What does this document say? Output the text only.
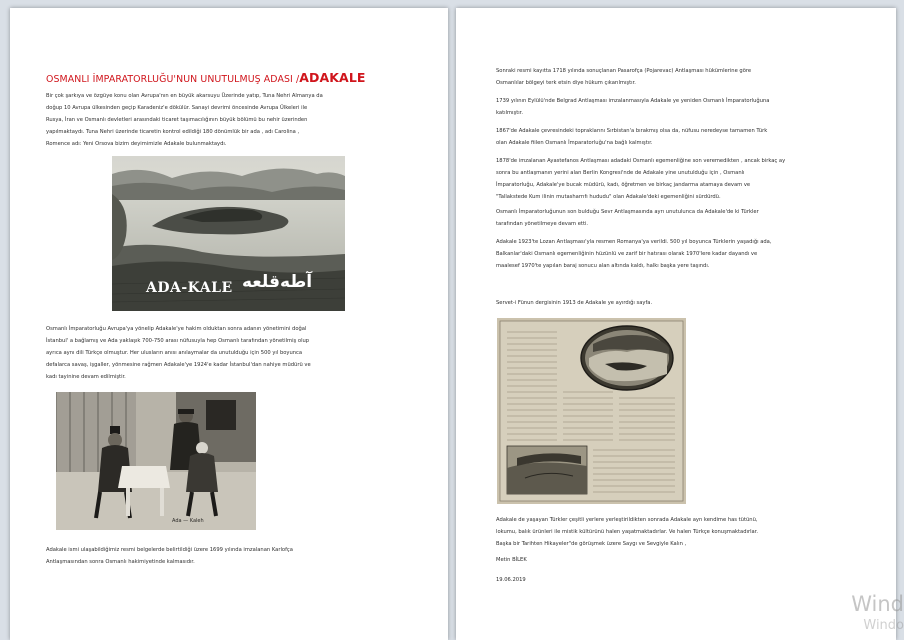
OSMANLI İMPARATORLUĞU'NUN UNUTULMUŞ ADASI /ADAKALE
Bir çok şarkıya ve özgüye konu olan Avrupa'nın en büyük akarsuyu Üzerinde yatıp, Tuna Nehri Almanya da
doğup 10 Avrupa ülkesinden geçip Karadeniz'e dökülür. Sanayi devrimi öncesinde Avrupa Ülkeleri ile
Rusya, İran ve Osmanlı devletleri arasındaki ticaret taşımacılığının büyük bölümü bu nehir üzerinden
yapılmaktaydı. Tuna Nehri üzerinde ticaretin kontrol edildiği 180 dönümlük bir ada , adı Carolina ,
Romence adı: Yeni Orsova bizim deyimimizle Adakale bulunmaktaydı.
ADA-KALE آطه‌قلعه
Osmanlı İmparatorluğu Avrupa'ya yönelip Adakale'ye hakim olduktan sonra adanın yönetimini doğal
İstanbul' a bağlamış ve Ada yaklaşık 700-750 arası nüfusuyla hep Osmanlı tarafından yönetilmiş olup
ayrıca aynı dili Türkçe olmuştur. Her ulusların anısı anılaymalar da unutulduğu için 500 yıl boyunca
defalarca savaş, işgaller, yönmesine rağmen Adakale'ye 1924'e kadar İstanbul'dan nahiye müdürü ve
kadı tayinine devam edilmiştir.
Ada — Kaleh
Adakale ismi ulaşabildiğimiz resmi belgelerde belirtildiği üzere 1699 yılında imzalanan Karlofça
Antlaşmasından sonra Osmanlı hakimiyetinde kalmasıdır.
Sonraki resmi kayıtta 1718 yılında sonuçlanan Pasarofça (Pojarevac) Antlaşması hükümlerine göre
Osmanlılar bölgeyi terk etsin diye hükum çıkarılmıştır.
1739 yılının Eylülü'nde Belgrad Antlaşması imzalanmasıyla Adakale ye yeniden Osmanlı İmparatorluğuna
katılmıştır.
1867'de Adakale çevresindeki topraklarını Sırbistan'a bırakmış olsa da, nüfusu neredeyse tamamen Türk
olan Adakale fiilen Osmanlı İmparatorluğu'na bağlı kalmıştır.
1878'de imzalanan Ayastefanos Antlaşması adadaki Osmanlı egemenliğine son veremedikten , ancak birkaç ay
sonra bu antlaşmanın yerini alan Berlin Kongresi'nde de Adakale yine unutulduğu için , Osmanlı
İmparatorluğu, Adakale'ye bucak müdürü, kadı, öğretmen ve birkaç jandarma atamaya devam ve
"Tallakstede Kum ilinin mutasharrıfı hududu" olan Adakale'deki egemenliğini sürdürdü.
Osmanlı İmparatorluğunun son bulduğu Sevr Antlaşmasında ayrı unutulunca da Adakale'de ki Türkler
tarafından yönetilmeye devam etti.
Adakale 1923'te Lozan Antlaşması'yla resmen Romanya'ya verildi. 500 yıl boyunca Türklerin yaşadığı ada,
Balkanlar'daki Osmanlı egemenliğinin hüzünlü ve zarif bir hatırası olarak 1970'lere kadar dayandı ve
maalesef 1970'te yapılan baraj sonucu alan altında kaldı, halkı başka yere taşındı.
Servet-i Fünun dergisinin 1913 de Adakale ye ayırdığı sayfa.
Adakale de yaşayan Türkler çeşitli yerlere yerleştirildikten sonrada Adakale ayn kendime has tütünü,
lokumu, balık ürünleri ile mistik kültürünü halen yaşatmaktadırlar. Ve halen Türkçe konuşmaktadırlar.
Başka bir Tarihten Hikayeler"de görüşmek üzere Saygı ve Sevgiyle Kalın ,
Metin BİLEK
19.06.2019
Wind
Windo
